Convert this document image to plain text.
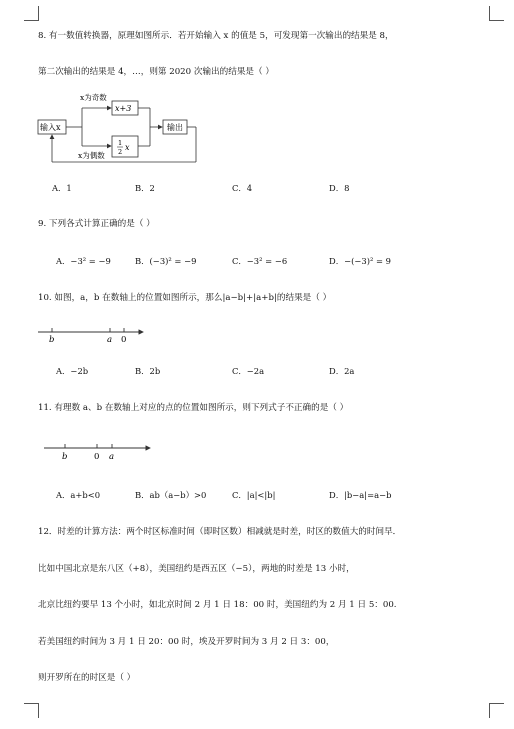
8. 有一数值转换器，原理如图所示．若开始输入 x 的值是 5，可发现第一次输出的结果是 8，
第二次输出的结果是 4，…，则第 2020 次输出的结果是（ ）
输入x	输出
x+3
1
2 x
x为奇数
x为偶数
b	a 0
b	0 a
A．1	B．2	C．4	D．8
9. 下列各式计算正确的是（ ）
A．−3² = −9	B．(−3)² = −9	C．−3² = −6	D．−(−3)² = 9
10. 如图，a，b 在数轴上的位置如图所示，那么|a−b|+|a+b|的结果是（ ）
A．−2b	B．2b	C．−2a	D．2a
11. 有理数 a、b 在数轴上对应的点的位置如图所示，则下列式子不正确的是（ ）
A．a+b<0	B．ab（a−b）>0	C．|a|<|b|	D．|b−a|=a−b
12．时差的计算方法：两个时区标准时间（即时区数）相减就是时差，时区的数值大的时间早．
比如中国北京是东八区（+8），美国纽约是西五区（−5），两地的时差是 13 小时，
北京比纽约要早 13 个小时，如北京时间 2 月 1 日 18：00 时，美国纽约为 2 月 1 日 5：00.
若美国纽约时间为 3 月 1 日 20：00 时，埃及开罗时间为 3 月 2 日 3：00，
则开罗所在的时区是（ ）
